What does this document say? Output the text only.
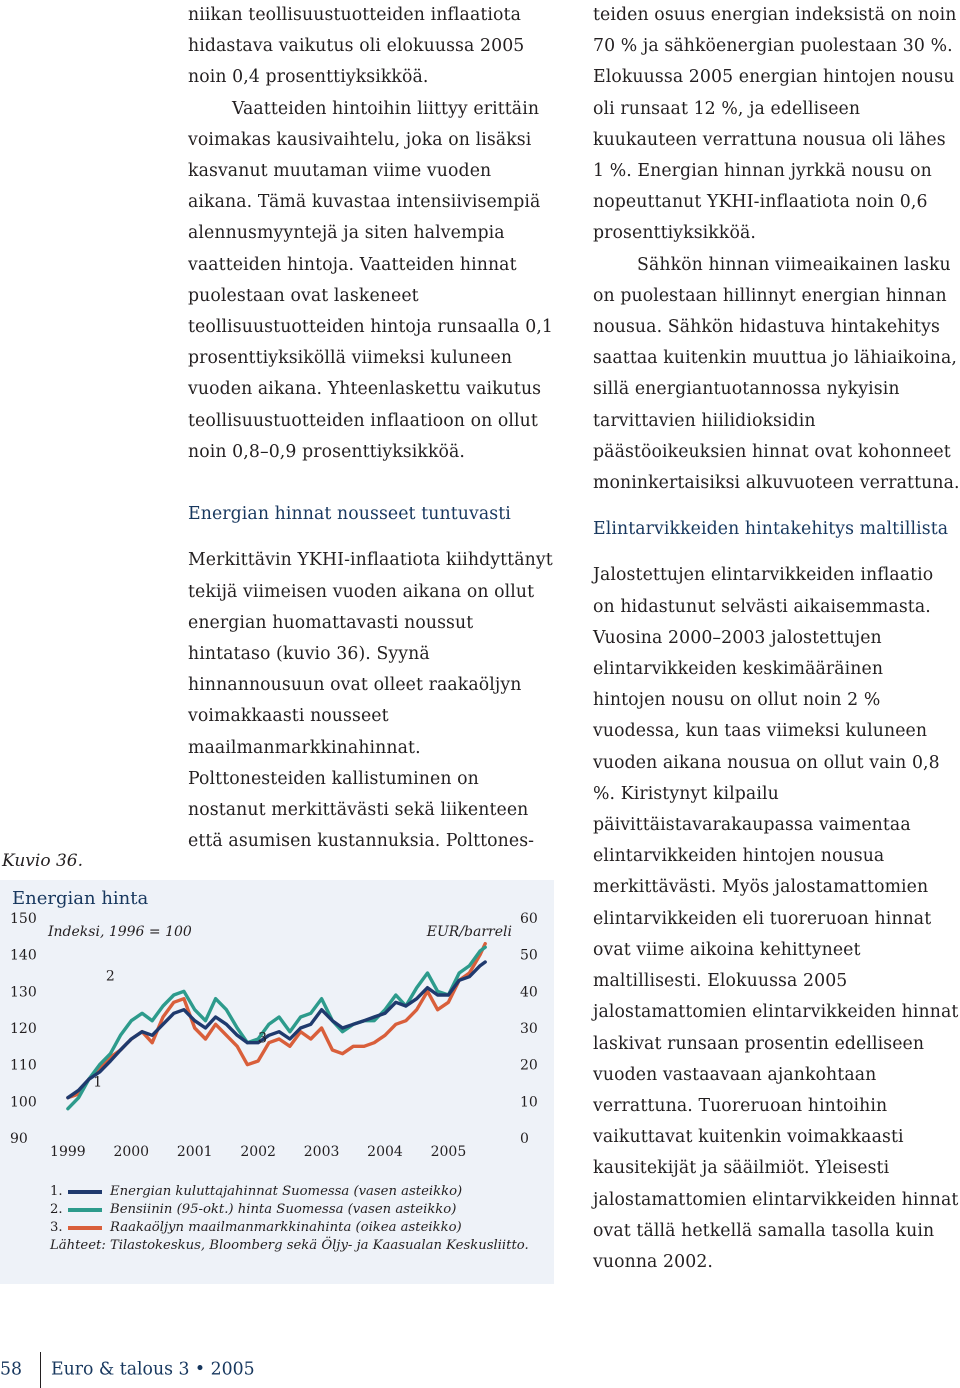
niikan teollisuustuotteiden inflaatiota hidastava vaikutus oli elokuussa 2005 noin 0,4 prosenttiyksikköä.

Vaatteiden hintoihin liittyy erittäin voimakas kausivaihtelu, joka on lisäksi kasvanut muutaman viime vuoden aikana. Tämä kuvastaa intensiivisempiä alennusmyyntejä ja siten halvempia vaatteiden hintoja. Vaatteiden hinnat puolestaan ovat laskeneet teollisuustuotteiden hintoja runsaalla 0,1 prosenttiyksiköllä viimeksi kuluneen vuoden aikana. Yhteenlaskettu vaikutus teollisuustuotteiden inflaatioon on ollut noin 0,8–0,9 prosenttiyksikköä.

Energian hinnat nousseet tuntuvasti

Merkittävin YKHI-inflaatiota kiihdyttänyt tekijä viimeisen vuoden aikana on ollut energian huomattavasti noussut hintataso (kuvio 36). Syynä hinnannousuun ovat olleet raakaöljyn voimakkaasti nousseet maailmanmarkkinahinnat. Polttonesteiden kallistuminen on nostanut merkittävästi sekä liikenteen että asumisen kustannuksia. Polttones-

teiden osuus energian indeksistä on noin 70 % ja sähköenergian puolestaan 30 %. Elokuussa 2005 energian hintojen nousu oli runsaat 12 %, ja edelliseen kuukauteen verrattuna nousua oli lähes 1 %. Energian hinnan jyrkkä nousu on nopeuttanut YKHI-inflaatiota noin 0,6 prosenttiyksikköä.

Sähkön hinnan viimeaikainen lasku on puolestaan hillinnyt energian hinnan nousua. Sähkön hidastuva hintakehitys saattaa kuitenkin muuttua jo lähiaikoina, sillä energiantuotannossa nykyisin tarvittavien hiilidioksidin päästöoikeuksien hinnat ovat kohonneet moninkertaisiksi alkuvuoteen verrattuna.

Elintarvikkeiden hintakehitys maltillista

Jalostettujen elintarvikkeiden inflaatio on hidastunut selvästi aikaisemmasta. Vuosina 2000–2003 jalostettujen elintarvikkeiden keskimääräinen hintojen nousu on ollut noin 2 % vuodessa, kun taas viimeksi kuluneen vuoden aikana nousua on ollut vain 0,8 %. Kiristynyt kilpailu päivittäistavarakaupassa vaimentaa elintarvikkeiden hintojen nousua merkittävästi. Myös jalostamattomien elintarvikkeiden eli tuoreruoan hinnat ovat viime aikoina kehittyneet maltillisesti. Elokuussa 2005 jalostamattomien elintarvikkeiden hinnat laskivat runsaan prosentin edelliseen vuoden vastaavaan ajankohtaan verrattuna. Tuoreruoan hintoihin vaikuttavat kuitenkin voimakkaasti kausitekijät ja sääilmiöt. Yleisesti jalostamattomien elintarvikkeiden hinnat ovat tällä hetkellä samalla tasolla kuin vuonna 2002.

Kuvio 36.
Energian hinta
Indeksi, 1996 = 100	EUR/barreli
90
100
110
120
130
140
150
0
10
20
30
40
50
60
1999 2000 2001 2002 2003 2004 2005
1
2
3
1.	Energian kuluttajahinnat Suomessa (vasen asteikko)
2.	Bensiinin (95-okt.) hinta Suomessa (vasen asteikko)
3.	Raakaöljyn maailmanmarkkinahinta (oikea asteikko)
Lähteet: Tilastokeskus, Bloomberg sekä Öljy- ja Kaasualan Keskusliitto.
58 Euro & talous 3 • 2005
